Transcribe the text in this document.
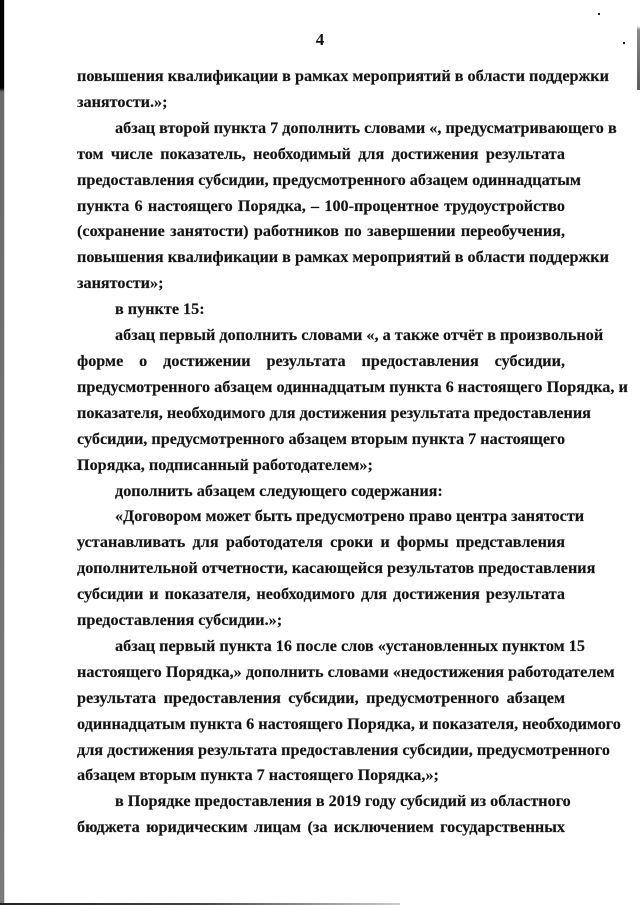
4

повышения квалификации в рамках мероприятий в области поддержки
занятости.»;

абзац второй пункта 7 дополнить словами «, предусматривающего в
том числе показатель, необходимый для достижения результата
предоставления субсидии, предусмотренного абзацем одиннадцатым
пункта 6 настоящего Порядка, – 100-процентное трудоустройство
(сохранение занятости) работников по завершении переобучения,
повышения квалификации в рамках мероприятий в области поддержки
занятости»;

в пункте 15:

абзац первый дополнить словами «, а также отчёт в произвольной
форме о достижении результата предоставления субсидии,
предусмотренного абзацем одиннадцатым пункта 6 настоящего Порядка, и
показателя, необходимого для достижения результата предоставления
субсидии, предусмотренного абзацем вторым пункта 7 настоящего
Порядка, подписанный работодателем»;

дополнить абзацем следующего содержания:

«Договором может быть предусмотрено право центра занятости
устанавливать для работодателя сроки и формы представления
дополнительной отчетности, касающейся результатов предоставления
субсидии и показателя, необходимого для достижения результата
предоставления субсидии.»;

абзац первый пункта 16 после слов «установленных пунктом 15
настоящего Порядка,» дополнить словами «недостижения работодателем
результата предоставления субсидии, предусмотренного абзацем
одиннадцатым пункта 6 настоящего Порядка, и показателя, необходимого
для достижения результата предоставления субсидии, предусмотренного
абзацем вторым пункта 7 настоящего Порядка,»;

в Порядке предоставления в 2019 году субсидий из областного
бюджета юридическим лицам (за исключением государственных
